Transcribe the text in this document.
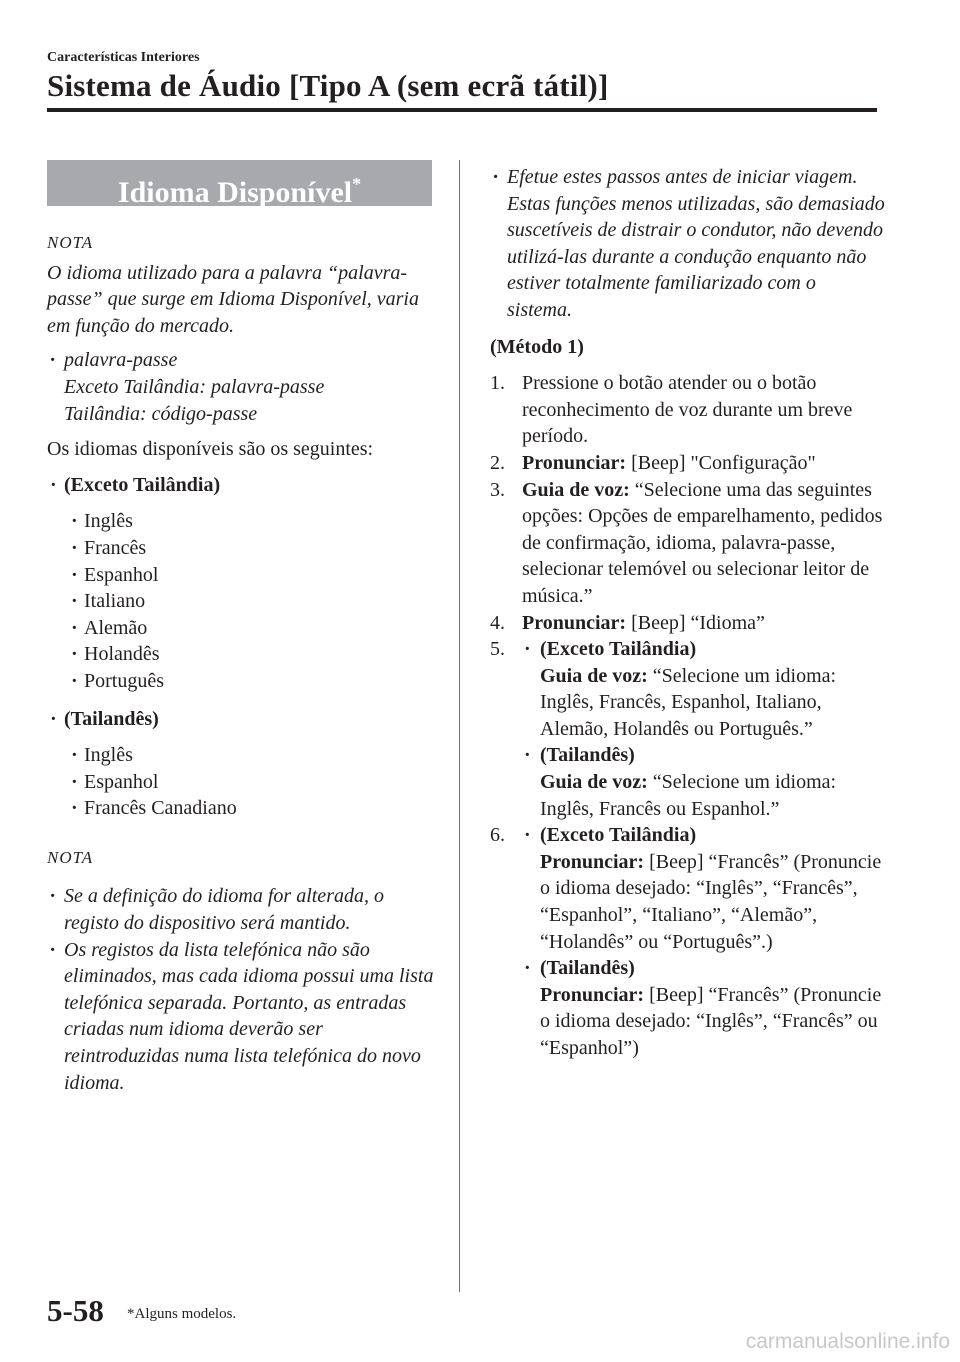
Características Interiores
Sistema de Áudio [Tipo A (sem ecrã tátil)]
Idioma Disponível*

NOTA

O idioma utilizado para a palavra “palavra-passe” que surge em Idioma Disponível, varia em função do mercado.

· palavra-passe
Exceto Tailândia: palavra-passe
Tailândia: código-passe

Os idiomas disponíveis são os seguintes:

· (Exceto Tailândia)
· Inglês
· Francês
· Espanhol
· Italiano
· Alemão
· Holandês
· Português
· (Tailandês)
· Inglês
· Espanhol
· Francês Canadiano

NOTA

· Se a definição do idioma for alterada, o registo do dispositivo será mantido.
· Os registos da lista telefónica não são eliminados, mas cada idioma possui uma lista telefónica separada. Portanto, as entradas criadas num idioma deverão ser reintroduzidas numa lista telefónica do novo idioma.
· Efetue estes passos antes de iniciar viagem. Estas funções menos utilizadas, são demasiado suscetíveis de distrair o condutor, não devendo utilizá-las durante a condução enquanto não estiver totalmente familiarizado com o sistema.

(Método 1)

1. Pressione o botão atender ou o botão reconhecimento de voz durante um breve período.
2. Pronunciar: [Beep] "Configuração"
3. Guia de voz: “Selecione uma das seguintes opções: Opções de emparelhamento, pedidos de confirmação, idioma, palavra-passe, selecionar telemóvel ou selecionar leitor de música.”
4. Pronunciar: [Beep] “Idioma”
· 5. (Exceto Tailândia)
Guia de voz: “Selecione um idioma: Inglês, Francês, Espanhol, Italiano, Alemão, Holandês ou Português.”
· (Tailandês)
Guia de voz: “Selecione um idioma: Inglês, Francês ou Espanhol.”
· 6. (Exceto Tailândia)
Pronunciar: [Beep] “Francês” (Pronuncie o idioma desejado: “Inglês”, “Francês”, “Espanhol”, “Italiano”, “Alemão”, “Holandês” ou “Português”.)
· (Tailandês)
Pronunciar: [Beep] “Francês” (Pronuncie o idioma desejado: “Inglês”, “Francês” ou “Espanhol”)
5-58 *Alguns modelos.
carmanualsonline.info
